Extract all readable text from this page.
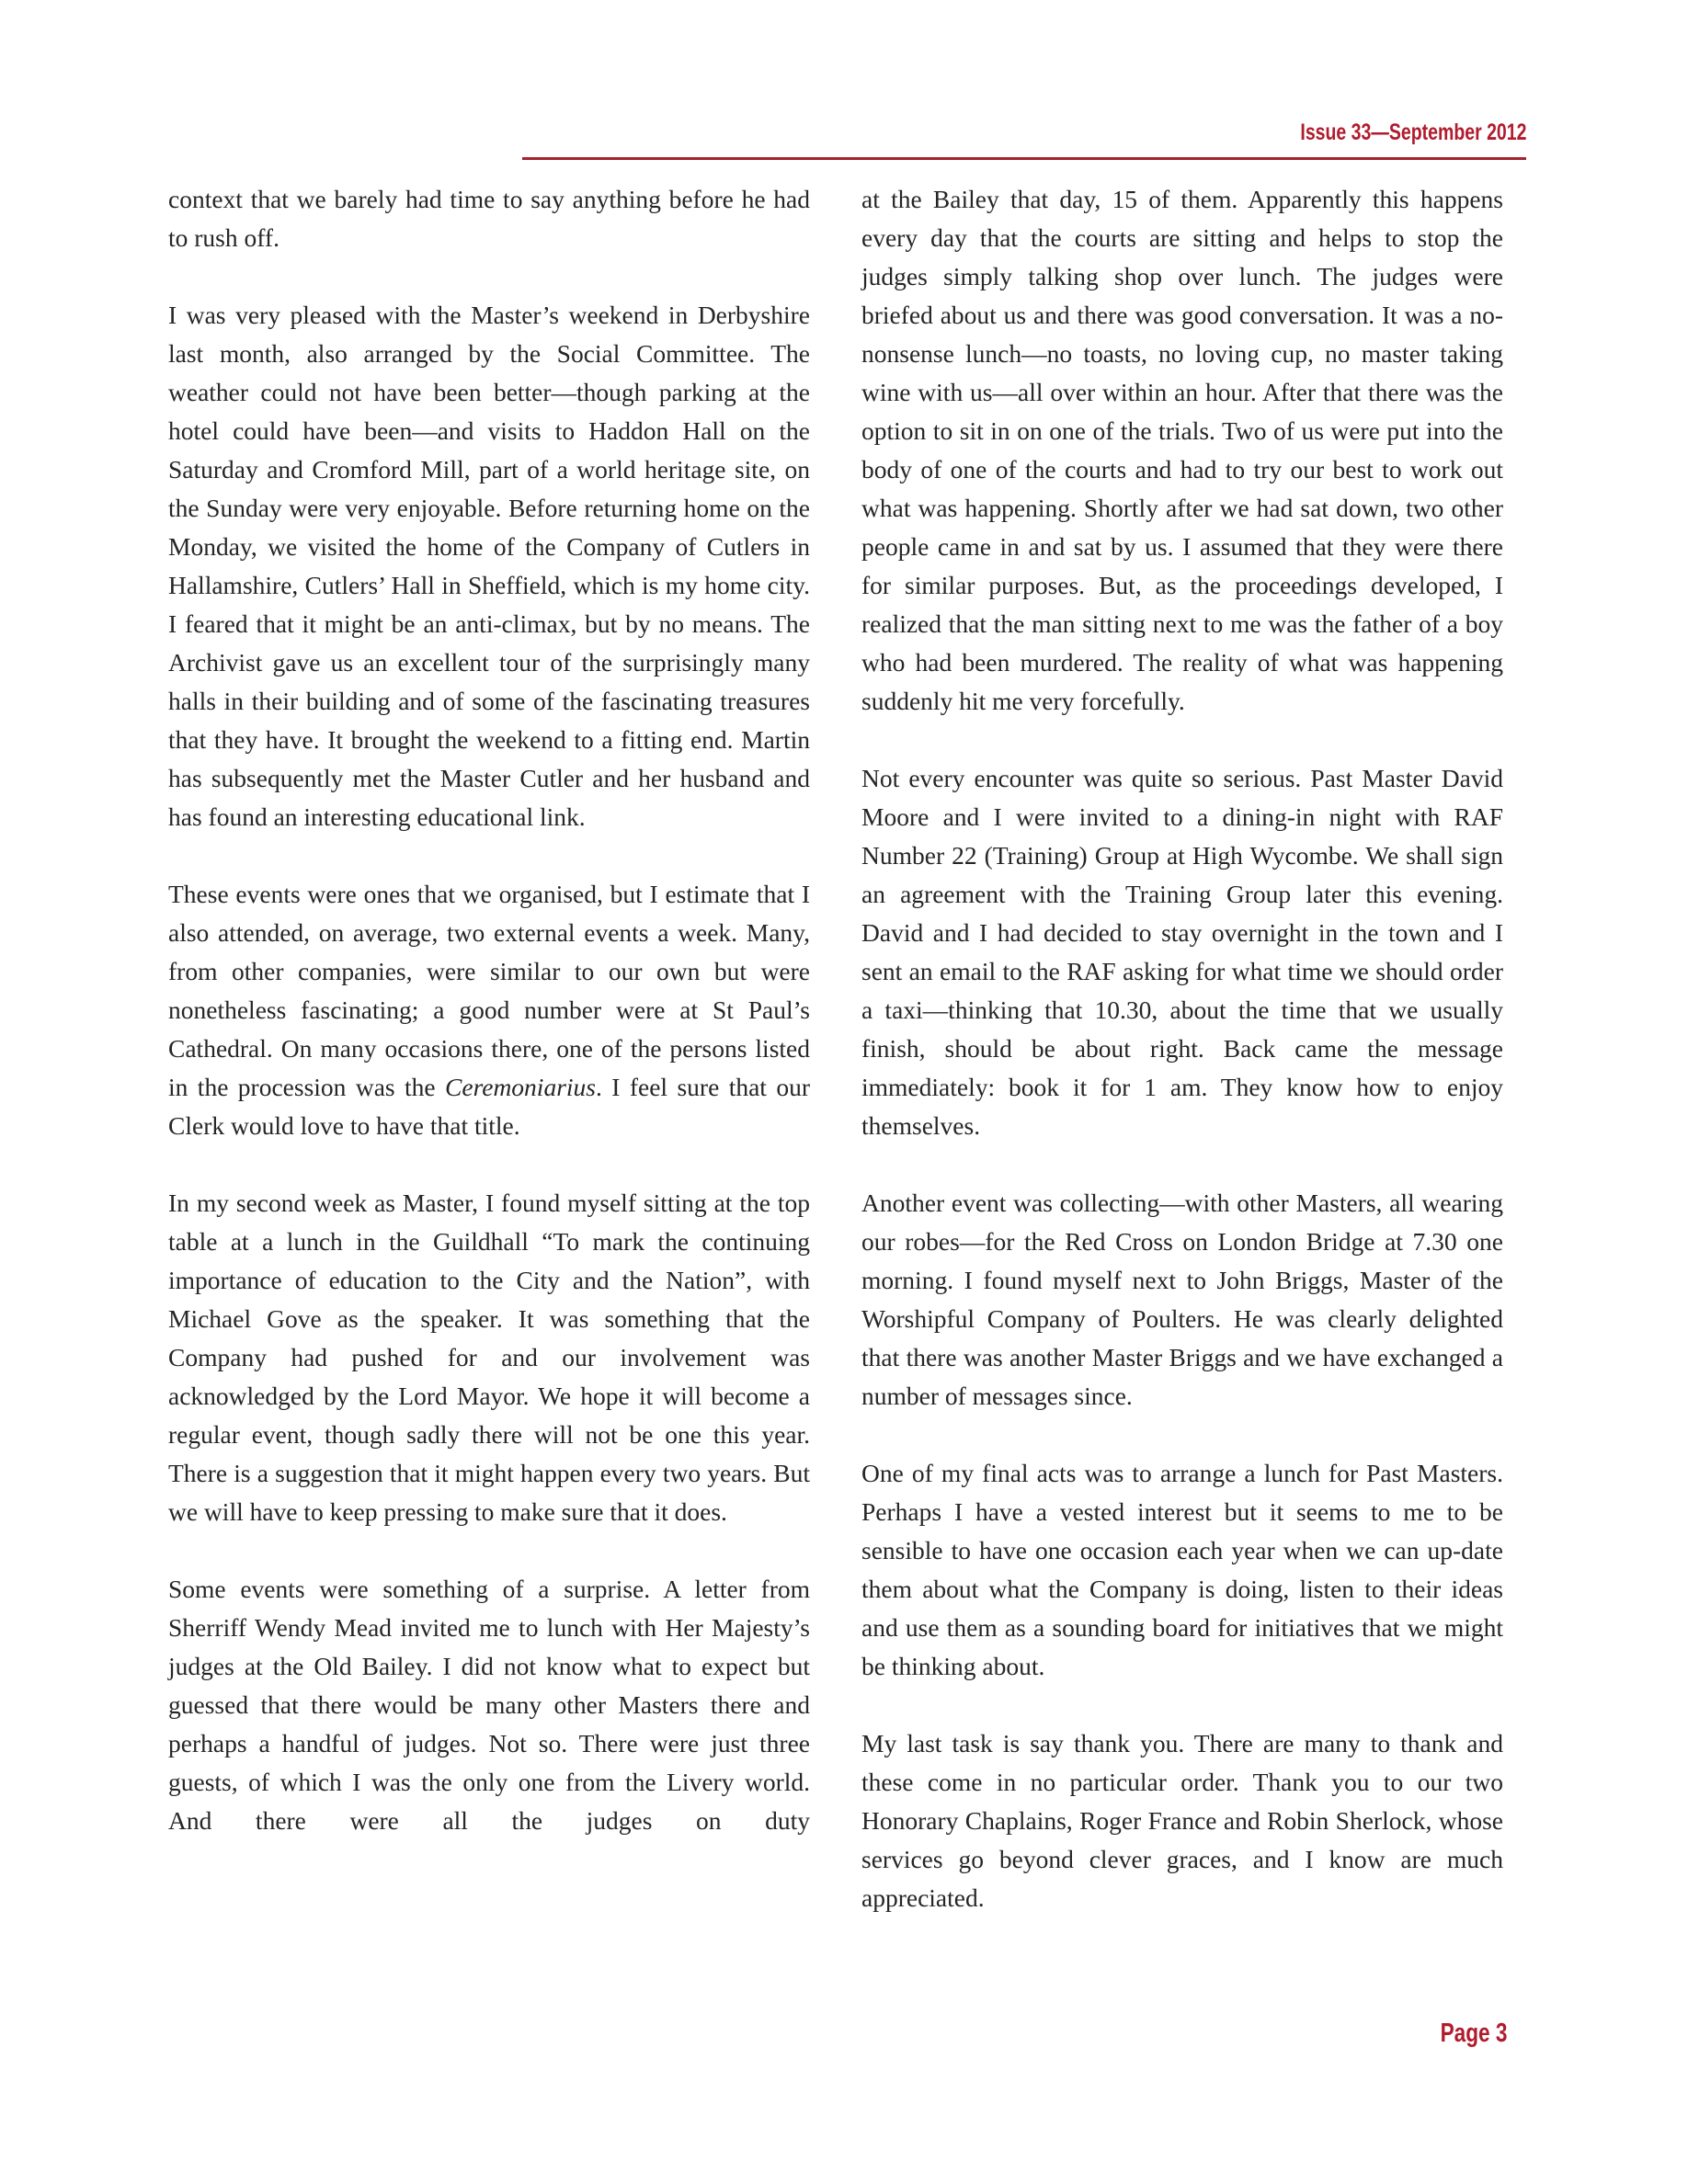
Issue 33—September 2012

context that we barely had time to say anything before he had to rush off.

I was very pleased with the Master’s weekend in Derbyshire last month, also arranged by the Social Committee. The weather could not have been better—though parking at the hotel could have been—and visits to Haddon Hall on the Saturday and Cromford Mill, part of a world heritage site, on the Sunday were very enjoyable. Before returning home on the Monday, we visited the home of the Company of Cutlers in Hallamshire, Cutlers’ Hall in Sheffield, which is my home city. I feared that it might be an anti-climax, but by no means. The Archivist gave us an excellent tour of the surprisingly many halls in their building and of some of the fascinating treasures that they have. It brought the weekend to a fitting end. Martin has subsequently met the Master Cutler and her husband and has found an interesting educational link.

These events were ones that we organised, but I estimate that I also attended, on average, two external events a week. Many, from other companies, were similar to our own but were nonetheless fascinating; a good number were at St Paul’s Cathedral. On many occasions there, one of the persons listed in the procession was the Ceremoniarius. I feel sure that our Clerk would love to have that title.

In my second week as Master, I found myself sitting at the top table at a lunch in the Guildhall “To mark the continuing importance of education to the City and the Nation”, with Michael Gove as the speaker. It was something that the Company had pushed for and our involvement was acknowledged by the Lord Mayor. We hope it will become a regular event, though sadly there will not be one this year. There is a suggestion that it might happen every two years. But we will have to keep pressing to make sure that it does.

Some events were something of a surprise. A letter from Sherriff Wendy Mead invited me to lunch with Her Majesty’s judges at the Old Bailey. I did not know what to expect but guessed that there would be many other Masters there and perhaps a handful of judges. Not so. There were just three guests, of which I was the only one from the Livery world. And there were all the judges on duty

at the Bailey that day, 15 of them. Apparently this happens every day that the courts are sitting and helps to stop the judges simply talking shop over lunch. The judges were briefed about us and there was good conversation. It was a no-nonsense lunch—no toasts, no loving cup, no master taking wine with us—all over within an hour. After that there was the option to sit in on one of the trials. Two of us were put into the body of one of the courts and had to try our best to work out what was happening. Shortly after we had sat down, two other people came in and sat by us. I assumed that they were there for similar purposes. But, as the proceedings developed, I realized that the man sitting next to me was the father of a boy who had been murdered. The reality of what was happening suddenly hit me very forcefully.

Not every encounter was quite so serious. Past Master David Moore and I were invited to a dining-in night with RAF Number 22 (Training) Group at High Wycombe. We shall sign an agreement with the Training Group later this evening. David and I had decided to stay overnight in the town and I sent an email to the RAF asking for what time we should order a taxi—thinking that 10.30, about the time that we usually finish, should be about right. Back came the message immediately: book it for 1 am. They know how to enjoy themselves.

Another event was collecting—with other Masters, all wearing our robes—for the Red Cross on London Bridge at 7.30 one morning. I found myself next to John Briggs, Master of the Worshipful Company of Poulters. He was clearly delighted that there was another Master Briggs and we have exchanged a number of messages since.

One of my final acts was to arrange a lunch for Past Masters. Perhaps I have a vested interest but it seems to me to be sensible to have one occasion each year when we can up-date them about what the Company is doing, listen to their ideas and use them as a sounding board for initiatives that we might be thinking about.

My last task is say thank you. There are many to thank and these come in no particular order. Thank you to our two Honorary Chaplains, Roger France and Robin Sherlock, whose services go beyond clever graces, and I know are much appreciated.

Page 3
